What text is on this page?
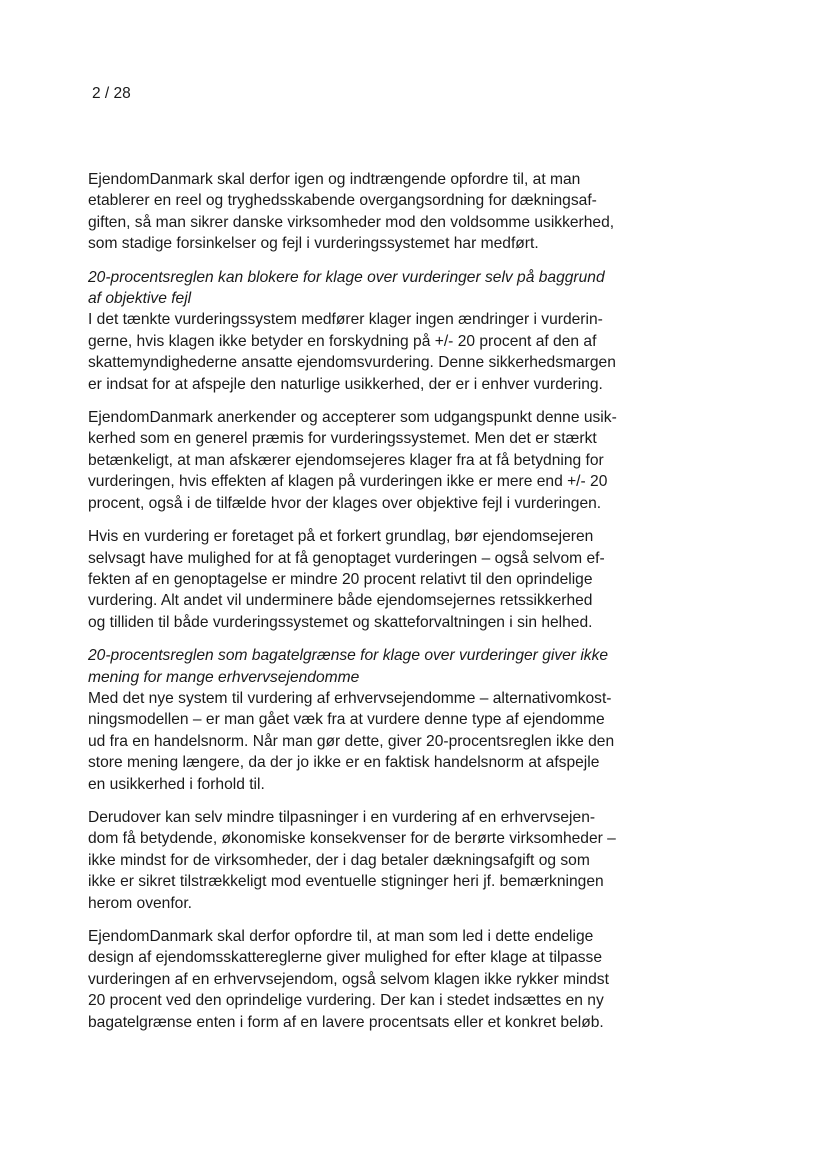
2 / 28
EjendomDanmark skal derfor igen og indtrængende opfordre til, at man
etablerer en reel og tryghedsskabende overgangsordning for dækningsaf-
giften, så man sikrer danske virksomheder mod den voldsomme usikkerhed,
som stadige forsinkelser og fejl i vurderingssystemet har medført.
20-procentsreglen kan blokere for klage over vurderinger selv på baggrund
af objektive fejl
I det tænkte vurderingssystem medfører klager ingen ændringer i vurderin-
gerne, hvis klagen ikke betyder en forskydning på +/- 20 procent af den af
skattemyndighederne ansatte ejendomsvurdering. Denne sikkerhedsmargen
er indsat for at afspejle den naturlige usikkerhed, der er i enhver vurdering.
EjendomDanmark anerkender og accepterer som udgangspunkt denne usik-
kerhed som en generel præmis for vurderingssystemet. Men det er stærkt
betænkeligt, at man afskærer ejendomsejeres klager fra at få betydning for
vurderingen, hvis effekten af klagen på vurderingen ikke er mere end +/- 20
procent, også i de tilfælde hvor der klages over objektive fejl i vurderingen.
Hvis en vurdering er foretaget på et forkert grundlag, bør ejendomsejeren
selvsagt have mulighed for at få genoptaget vurderingen – også selvom ef-
fekten af en genoptagelse er mindre 20 procent relativt til den oprindelige
vurdering. Alt andet vil underminere både ejendomsejernes retssikkerhed
og tilliden til både vurderingssystemet og skatteforvaltningen i sin helhed.
20-procentsreglen som bagatelgrænse for klage over vurderinger giver ikke
mening for mange erhvervsejendomme
Med det nye system til vurdering af erhvervsejendomme – alternativomkost-
ningsmodellen – er man gået væk fra at vurdere denne type af ejendomme
ud fra en handelsnorm. Når man gør dette, giver 20-procentsreglen ikke den
store mening længere, da der jo ikke er en faktisk handelsnorm at afspejle
en usikkerhed i forhold til.
Derudover kan selv mindre tilpasninger i en vurdering af en erhvervsejen-
dom få betydende, økonomiske konsekvenser for de berørte virksomheder –
ikke mindst for de virksomheder, der i dag betaler dækningsafgift og som
ikke er sikret tilstrækkeligt mod eventuelle stigninger heri jf. bemærkningen
herom ovenfor.
EjendomDanmark skal derfor opfordre til, at man som led i dette endelige
design af ejendomsskattereglerne giver mulighed for efter klage at tilpasse
vurderingen af en erhvervsejendom, også selvom klagen ikke rykker mindst
20 procent ved den oprindelige vurdering. Der kan i stedet indsættes en ny
bagatelgrænse enten i form af en lavere procentsats eller et konkret beløb.
